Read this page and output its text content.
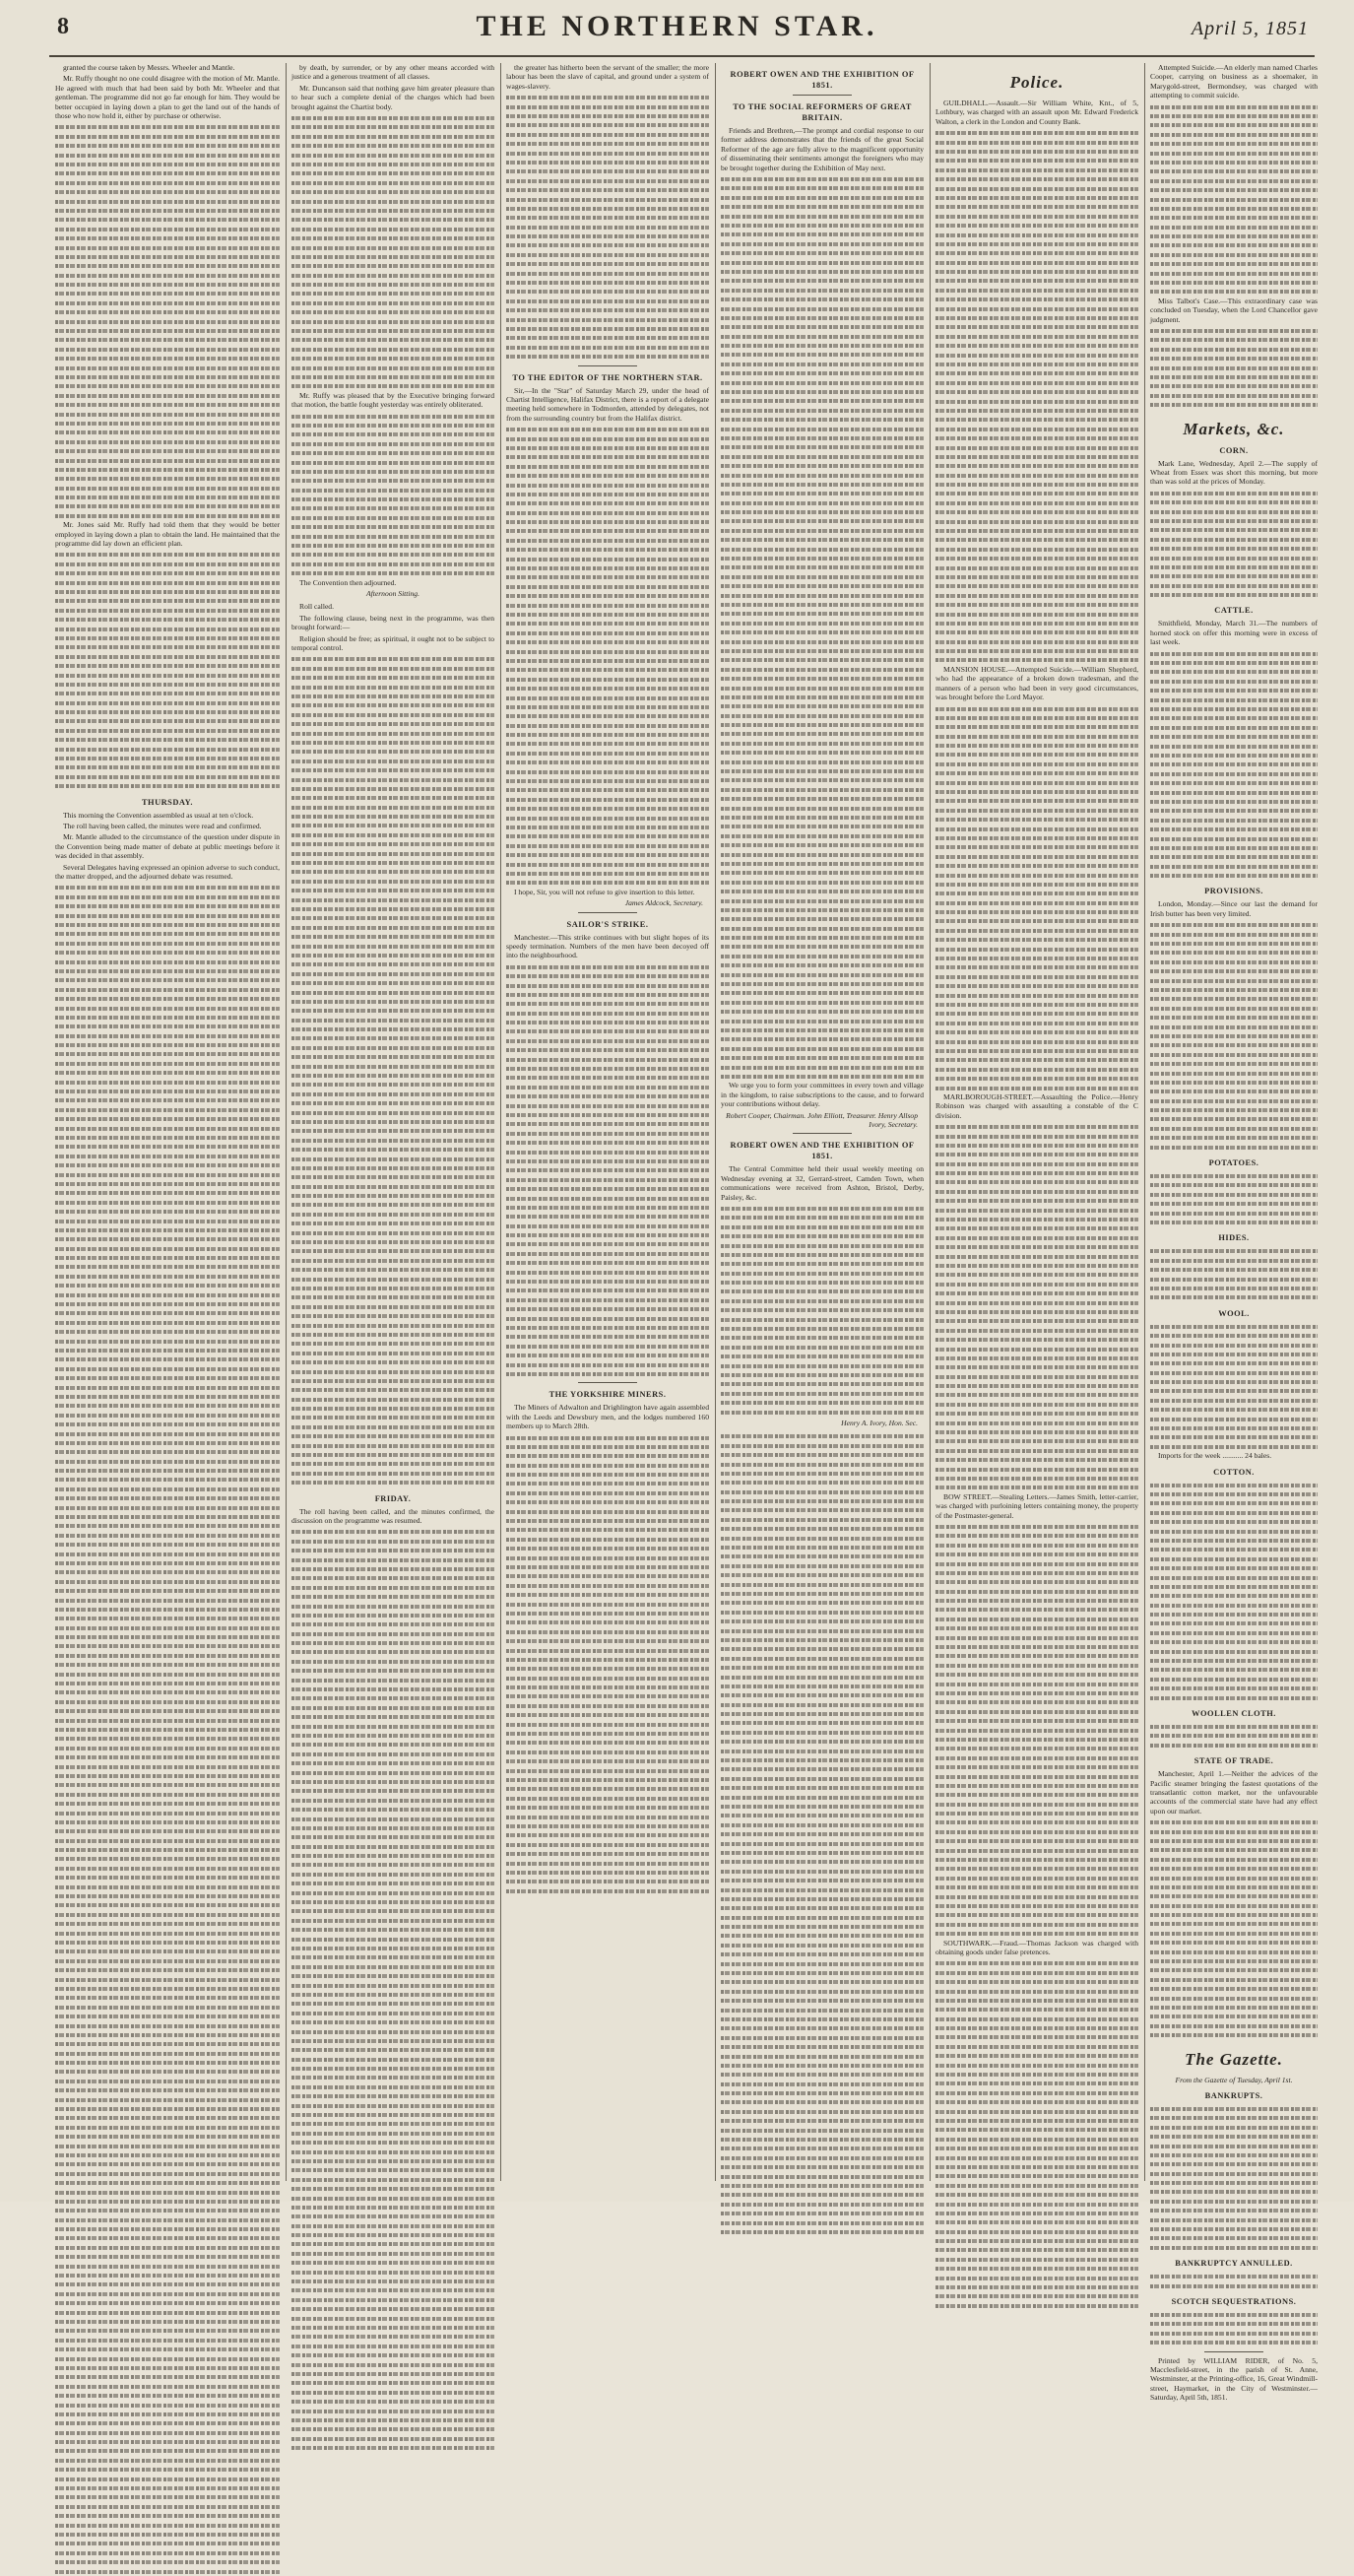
8	THE NORTHERN STAR.	April 5, 1851

granted the course taken by Messrs. Wheeler and Mantle.

Mr. Ruffy thought no one could disagree with the motion of Mr. Mantle. He agreed with much that had been said by both Mr. Wheeler and that gentleman. The programme did not go far enough for him. They would be better occupied in laying down a plan to get the land out of the hands of those who now hold it, either by purchase or otherwise.

Mr. Jones said Mr. Ruffy had told them that they would be better employed in laying down a plan to obtain the land. He maintained that the programme did lay down an efficient plan.

THURSDAY.

This morning the Convention assembled as usual at ten o'clock.

The roll having been called, the minutes were read and confirmed.

Mr. Mantle alluded to the circumstance of the question under dispute in the Convention being made matter of debate at public meetings before it was decided in that assembly.

Several Delegates having expressed an opinion adverse to such conduct, the matter dropped, and the adjourned debate was resumed.

by death, by surrender, or by any other means accorded with justice and a generous treatment of all classes.

Mr. Duncanson said that nothing gave him greater pleasure than to hear such a complete denial of the charges which had been brought against the Chartist body.

Mr. Ruffy was pleased that by the Executive bringing forward that motion, the battle fought yesterday was entirely obliterated.

The Convention then adjourned.

Afternoon Sitting.

Roll called.

The following clause, being next in the programme, was then brought forward:—

Religion should be free; as spiritual, it ought not to be subject to temporal control.

FRIDAY.

The roll having been called, and the minutes confirmed, the discussion on the programme was resumed.

the greater has hitherto been the servant of the smaller; the more labour has been the slave of capital, and ground under a system of wages-slavery.

TO THE EDITOR OF THE NORTHERN STAR.

Sir,—In the "Star" of Saturday March 29, under the head of Chartist Intelligence, Halifax District, there is a report of a delegate meeting held somewhere in Todmorden, attended by delegates, not from the surrounding country but from the Halifax district.

I hope, Sir, you will not refuse to give insertion to this letter.

James Aldcock, Secretary.
SAILOR'S STRIKE.

Manchester.—This strike continues with but slight hopes of its speedy termination. Numbers of the men have been decoyed off into the neighbourhood.

THE YORKSHIRE MINERS.

The Miners of Adwalton and Drighlington have again assembled with the Leeds and Dewsbury men, and the lodges numbered 160 members up to March 28th.

ROBERT OWEN AND THE EXHIBITION OF 1851.
TO THE SOCIAL REFORMERS OF GREAT BRITAIN.

Friends and Brethren,—The prompt and cordial response to our former address demonstrates that the friends of the great Social Reformer of the age are fully alive to the magnificent opportunity of disseminating their sentiments amongst the foreigners who may be brought together during the Exhibition of May next.

We urge you to form your committees in every town and village in the kingdom, to raise subscriptions to the cause, and to forward your contributions without delay.

Robert Cooper, Chairman. John Elliott, Treasurer. Henry Allsop Ivory, Secretary.
ROBERT OWEN AND THE EXHIBITION OF 1851.

The Central Committee held their usual weekly meeting on Wednesday evening at 32, Gerrard-street, Camden Town, when communications were received from Ashton, Bristol, Derby, Paisley, &c.

Henry A. Ivory, Hon. Sec.
Police.

GUILDHALL.—Assault.—Sir William White, Knt., of 5, Lothbury, was charged with an assault upon Mr. Edward Frederick Walton, a clerk in the London and County Bank.

MANSION HOUSE.—Attempted Suicide.—William Shepherd, who had the appearance of a broken down tradesman, and the manners of a person who had been in very good circumstances, was brought before the Lord Mayor.

MARLBOROUGH-STREET.—Assaulting the Police.—Henry Robinson was charged with assaulting a constable of the C division.

BOW STREET.—Stealing Letters.—James Smith, letter-carrier, was charged with purloining letters containing money, the property of the Postmaster-general.

SOUTHWARK.—Fraud.—Thomas Jackson was charged with obtaining goods under false pretences.

Attempted Suicide.—An elderly man named Charles Cooper, carrying on business as a shoemaker, in Marygold-street, Bermondsey, was charged with attempting to commit suicide.

Miss Talbot's Case.—This extraordinary case was concluded on Tuesday, when the Lord Chancellor gave judgment.

Markets, &c.
CORN.

Mark Lane, Wednesday, April 2.—The supply of Wheat from Essex was short this morning, but more than was sold at the prices of Monday.

CATTLE.

Smithfield, Monday, March 31.—The numbers of horned stock on offer this morning were in excess of last week.

PROVISIONS.

London, Monday.—Since our last the demand for Irish butter has been very limited.

POTATOES.
HIDES.
WOOL.

Imports for the week ........... 24 bales.

COTTON.
WOOLLEN CLOTH.
STATE OF TRADE.

Manchester, April 1.—Neither the advices of the Pacific steamer bringing the fastest quotations of the transatlantic cotton market, nor the unfavourable accounts of the commercial state have had any effect upon our market.

The Gazette.
From the Gazette of Tuesday, April 1st.
BANKRUPTS.
BANKRUPTCY ANNULLED.
SCOTCH SEQUESTRATIONS.

Printed by WILLIAM RIDER, of No. 5, Macclesfield-street, in the parish of St. Anne, Westminster, at the Printing-office, 16, Great Windmill-street, Haymarket, in the City of Westminster.—Saturday, April 5th, 1851.
